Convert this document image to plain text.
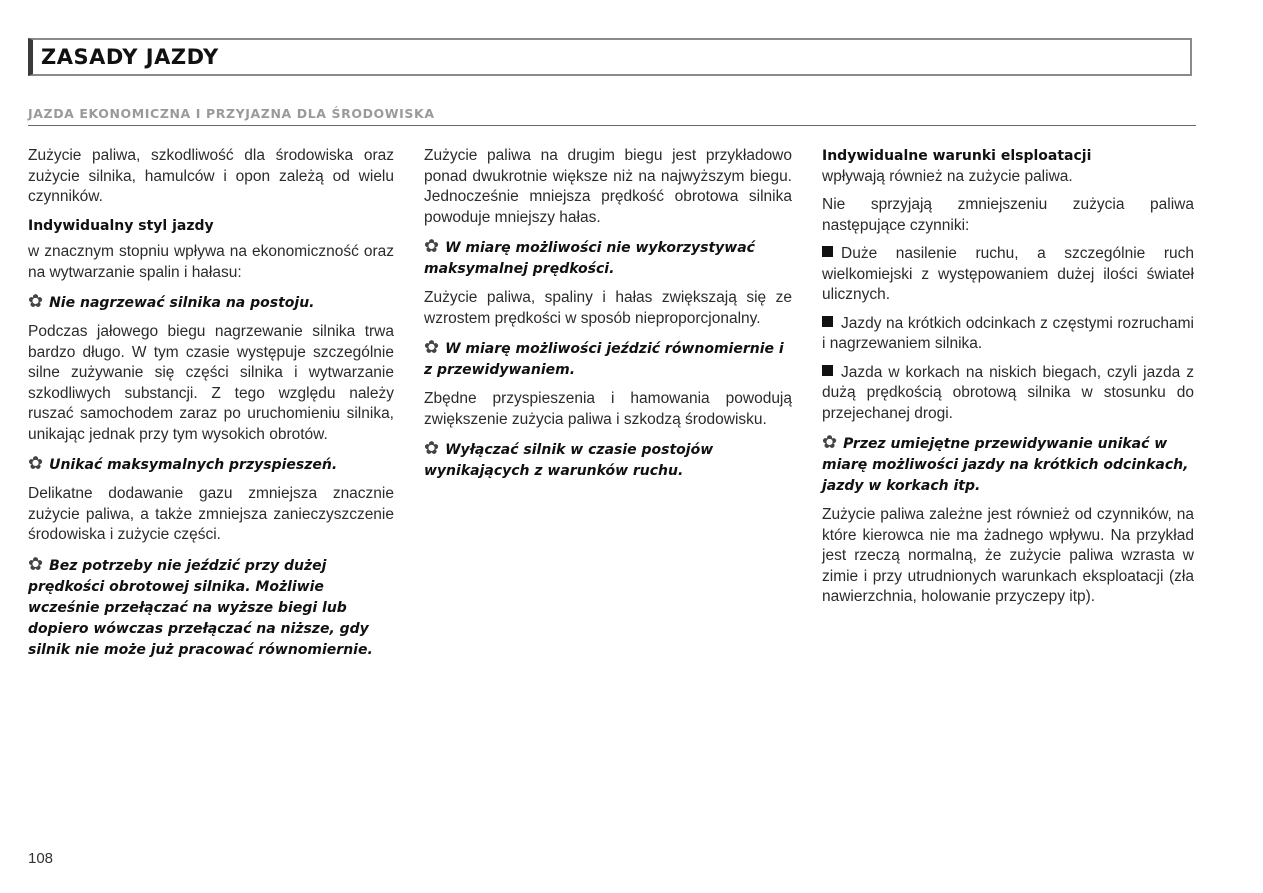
ZASADY JAZDY
JAZDA EKONOMICZNA I PRZYJAZNA DLA ŚRODOWISKA

Zużycie paliwa, szkodliwość dla środowiska oraz zużycie silnika, hamulców i opon zależą od wielu czynników.

Indywidualny styl jazdy

w znacznym stopniu wpływa na ekonomiczność oraz na wytwarzanie spalin i hałasu:

✿ Nie nagrzewać silnika na postoju.

Podczas jałowego biegu nagrzewanie silnika trwa bardzo długo. W tym czasie występuje szczególnie silne zużywanie się części silnika i wytwarzanie szkodliwych substancji. Z tego względu należy ruszać samochodem zaraz po uruchomieniu silnika, unikając jednak przy tym wysokich obrotów.

✿ Unikać maksymalnych przyspieszeń.

Delikatne dodawanie gazu zmniejsza znacznie zużycie paliwa, a także zmniejsza zanieczyszczenie środowiska i zużycie części.

✿ Bez potrzeby nie jeździć przy dużej prędkości obrotowej silnika. Możliwie wcześnie przełączać na wyższe biegi lub dopiero wówczas przełączać na niższe, gdy silnik nie może już pracować równomiernie.

Zużycie paliwa na drugim biegu jest przykładowo ponad dwukrotnie większe niż na najwyższym biegu. Jednocześnie mniejsza prędkość obrotowa silnika powoduje mniejszy hałas.

✿ W miarę możliwości nie wykorzystywać maksymalnej prędkości.

Zużycie paliwa, spaliny i hałas zwiększają się ze wzrostem prędkości w sposób nieproporcjonalny.

✿ W miarę możliwości jeździć równomiernie i z przewidywaniem.

Zbędne przyspieszenia i hamowania powodują zwiększenie zużycia paliwa i szkodzą środowisku.

✿ Wyłączać silnik w czasie postojów wynikających z warunków ruchu.

Indywidualne warunki elsploatacji

wpływają również na zużycie paliwa.

Nie sprzyjają zmniejszeniu zużycia paliwa następujące czynniki:

Duże nasilenie ruchu, a szczególnie ruch wielkomiejski z występowaniem dużej ilości świateł ulicznych.

Jazdy na krótkich odcinkach z częstymi rozruchami i nagrzewaniem silnika.

Jazda w korkach na niskich biegach, czyli jazda z dużą prędkością obrotową silnika w stosunku do przejechanej drogi.

✿ Przez umiejętne przewidywanie unikać w miarę możliwości jazdy na krótkich odcinkach, jazdy w korkach itp.

Zużycie paliwa zależne jest również od czynników, na które kierowca nie ma żadnego wpływu. Na przykład jest rzeczą normalną, że zużycie paliwa wzrasta w zimie i przy utrudnionych warunkach eksploatacji (zła nawierzchnia, holowanie przyczepy itp).

108
